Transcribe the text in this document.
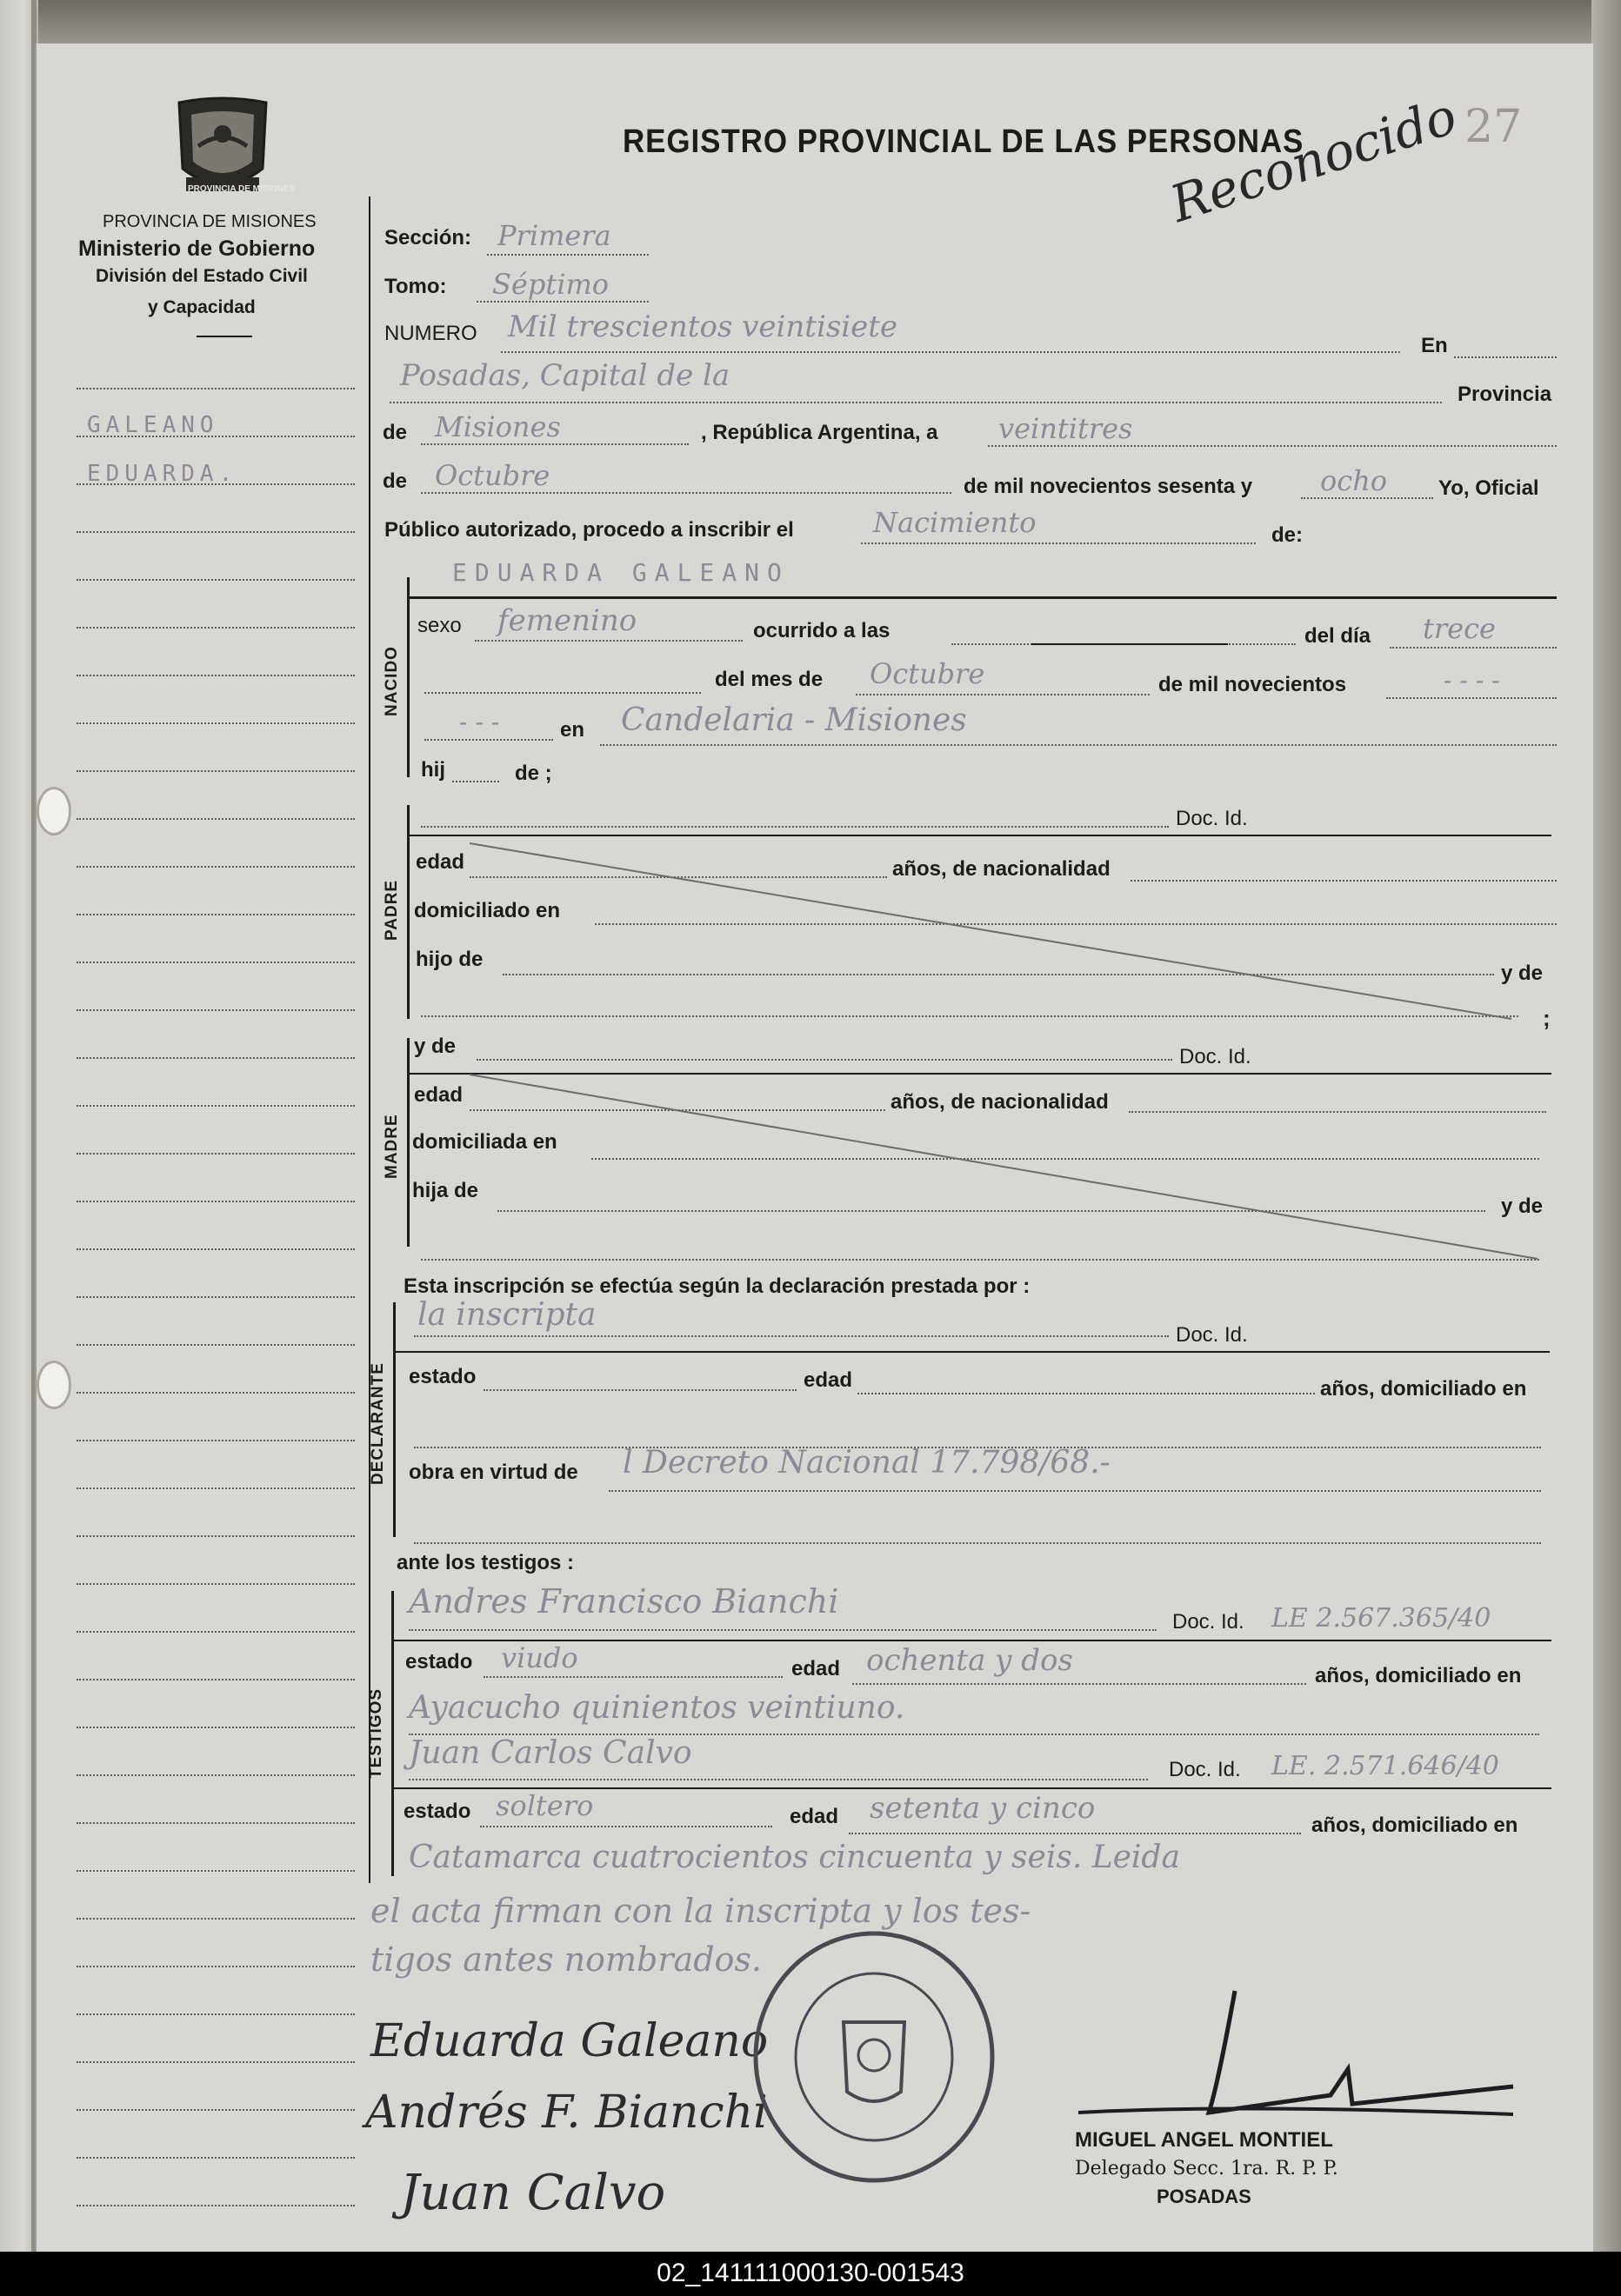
PROVINCIA DE MISIONES
PROVINCIA DE MISIONES
Ministerio de Gobierno
División del Estado Civil
y Capacidad
GALEANO
EDUARDA.
REGISTRO PROVINCIAL DE LAS PERSONAS
Reconocido 27
Sección: Primera
Tomo: Séptimo
NUMERO Mil trescientos veintisiete
En
Posadas, Capital de la
Provincia
de Misiones	, República Argentina, a veintitres
de Octubre	de mil novecientos sesenta y ocho Yo, Oficial
Público autorizado, procedo a inscribir el	Nacimiento	de:
NACIDO
EDUARDA GALEANO
sexo femenino	ocurrido a las	del día trece
del mes de Octubre	de mil novecientos	- - - -
- - -	en Candelaria - Misiones
hij	de ;
PADRE
Doc. Id.
edad	años, de nacionalidad
domiciliado en
hijo de
y de
;
MADRE
y de	Doc. Id.
edad	años, de nacionalidad
domiciliada en
hija de
y de
Esta inscripción se efectúa según la declaración prestada por :
DECLARANTE
la inscripta
Doc. Id.
estado	edad	años, domiciliado en
obra en virtud de l Decreto Nacional 17.798/68.-
ante los testigos :
TESTIGOS
Andres Francisco Bianchi
Doc. Id. LE 2.567.365/40
estado viudo	edad ochenta y dos	años, domiciliado en
Ayacucho quinientos veintiuno.
Juan Carlos Calvo	Doc. Id. LE. 2.571.646/40
estado soltero	edad setenta y cinco	años, domiciliado en
Catamarca cuatrocientos cincuenta y seis. Leida
el acta firman con la inscripta y los tes-
tigos antes nombrados.
Eduarda Galeano
Andrés F. Bianchi
Juan Calvo
MIGUEL ANGEL MONTIEL
Delegado Secc. 1ra. R. P. P.
POSADAS
02_141111000130-001543
